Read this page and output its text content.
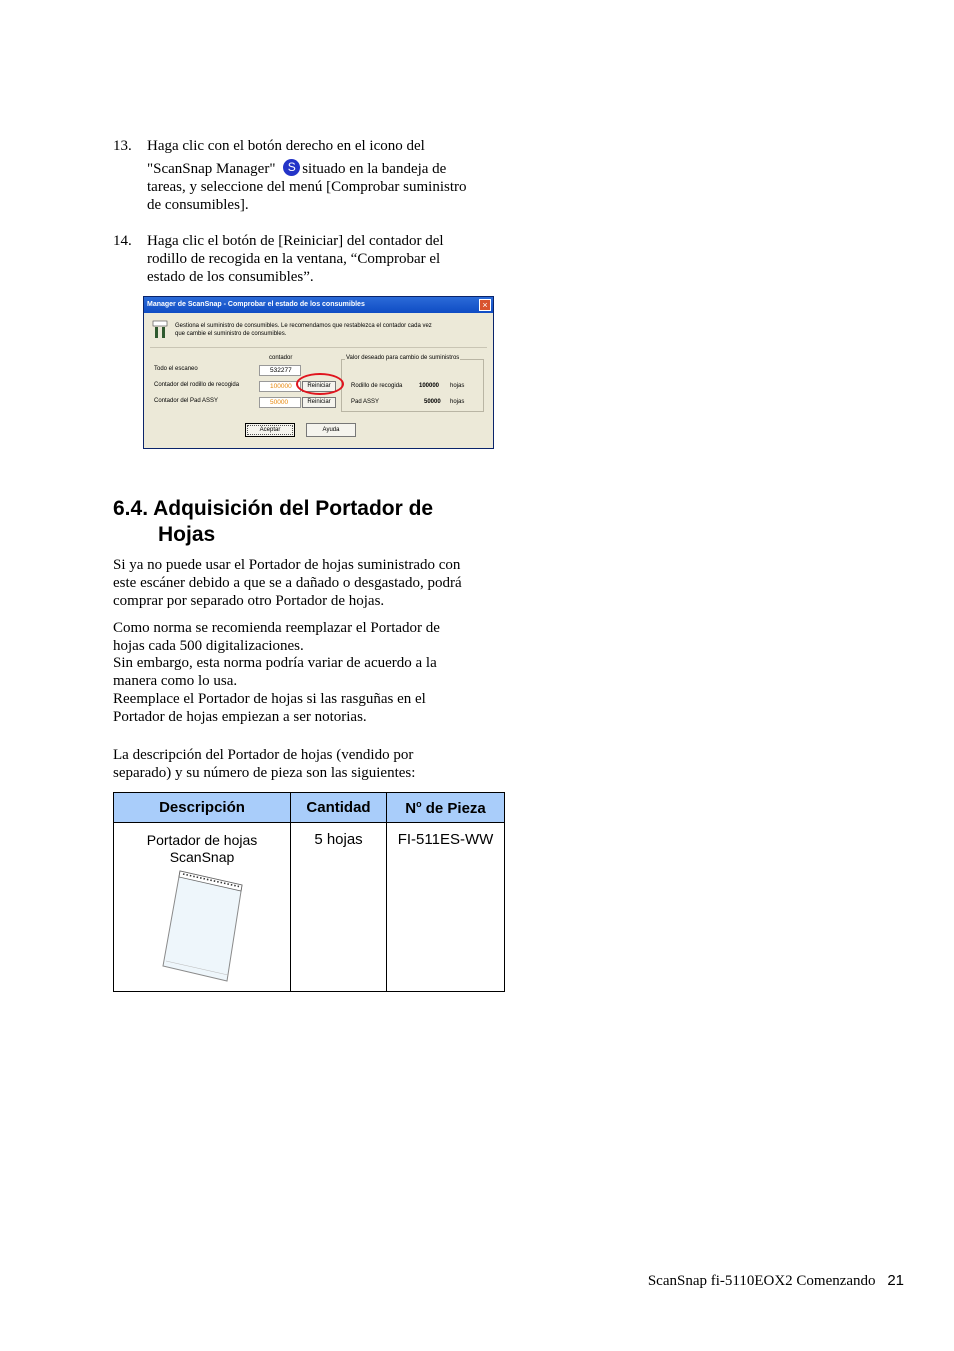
13. Haga clic con el botón derecho en el icono del
"ScanSnap Manager" S situado en la bandeja de
tareas, y seleccione del menú [Comprobar suministro
de consumibles].
14. Haga clic el botón de [Reiniciar] del contador del
rodillo de recogida en la ventana, “Comprobar el
estado de los consumibles”.
Manager de ScanSnap - Comprobar el estado de los consumibles	×
Gestiona el suministro de consumibles. Le recomendamos que restablezca el contador cada vez
que cambie el suministro de consumibles.
contador	Valor deseado para cambio de suministros
Todo el escaneo	532277
Contador del rodillo de recogida	100000	Reiniciar	Rodillo de recogida	100000 hojas
Contador del Pad ASSY	50000	Reiniciar	Pad ASSY	50000 hojas
Aceptar	Ayuda
6.4. Adquisición del Portador de
Hojas
Si ya no puede usar el Portador de hojas suministrado con
este escáner debido a que se a dañado o desgastado, podrá
comprar por separado otro Portador de hojas.
Como norma se recomienda reemplazar el Portador de
hojas cada 500 digitalizaciones.
Sin embargo, esta norma podría variar de acuerdo a la
manera como lo usa.
Reemplace el Portador de hojas si las rasguñas en el
Portador de hojas empiezan a ser notorias.
La descripción del Portador de hojas (vendido por
separado) y su número de pieza son las siguientes:
Descripción	Cantidad	$N^o$ de Pieza

Portador de hojas
ScanSnap	5 hojas	FI-511ES-WW
ScanSnap fi-5110EOX2 Comenzando 21
